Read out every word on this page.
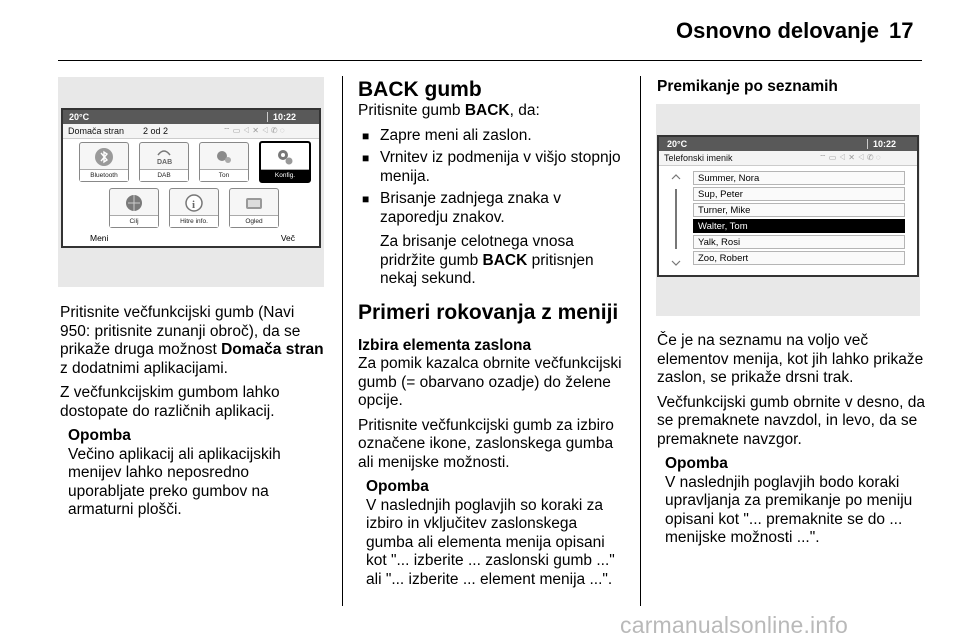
Osnovno delovanje 17
20°C	10:22
Domača stran 2 od 2	⌔ ▭ ◁ ✕ ◁ ✆ ◌
Bluetooth
DAB
DAB	Ton	Konfig.
Cilj
i
Hitre info.	Ogled
Meni	Več

Pritisnite večfunkcijski gumb (Navi 950: pritisnite zunanji obroč), da se prikaže druga možnost Domača stran z dodatnimi aplikacijami.

Z večfunkcijskim gumbom lahko dostopate do različnih aplikacij.

Opomba
Večino aplikacij ali aplikacijskih menijev lahko neposredno uporabljate preko gumbov na armaturni plošči.
BACK gumb

Pritisnite gumb BACK, da:

■ Zapre meni ali zaslon.
■ Vrnitev iz podmenija v višjo stopnjo menija.
■ Brisanje zadnjega znaka v zaporedju znakov.

Za brisanje celotnega vnosa pridržite gumb BACK pritisnjen nekaj sekund.

Primeri rokovanja z meniji
Izbira elementa zaslona

Za pomik kazalca obrnite večfunkcijski gumb (= obarvano ozadje) do želene opcije.

Pritisnite večfunkcijski gumb za izbiro označene ikone, zaslonskega gumba ali menijske možnosti.

Opomba
V naslednjih poglavjih so koraki za izbiro in vključitev zaslonskega gumba ali elementa menija opisani kot "... izberite ... zaslonski gumb ..." ali "... izberite ... element menija ...".
Premikanje po seznamih
20°C	10:22
Telefonski imenik	⌔ ▭ ◁ ✕ ◁ ✆ ◌
Summer, Nora
Sup, Peter
Turner, Mike
Walter, Tom
Yalk, Rosi
Zoo, Robert

Če je na seznamu na voljo več elementov menija, kot jih lahko prikaže zaslon, se prikaže drsni trak.

Večfunkcijski gumb obrnite v desno, da se premaknete navzdol, in levo, da se premaknete navzgor.

Opomba
V naslednjih poglavjih bodo koraki upravljanja za premikanje po meniju opisani kot "... premaknite se do ... menijske možnosti ...".
carmanualsonline.info
